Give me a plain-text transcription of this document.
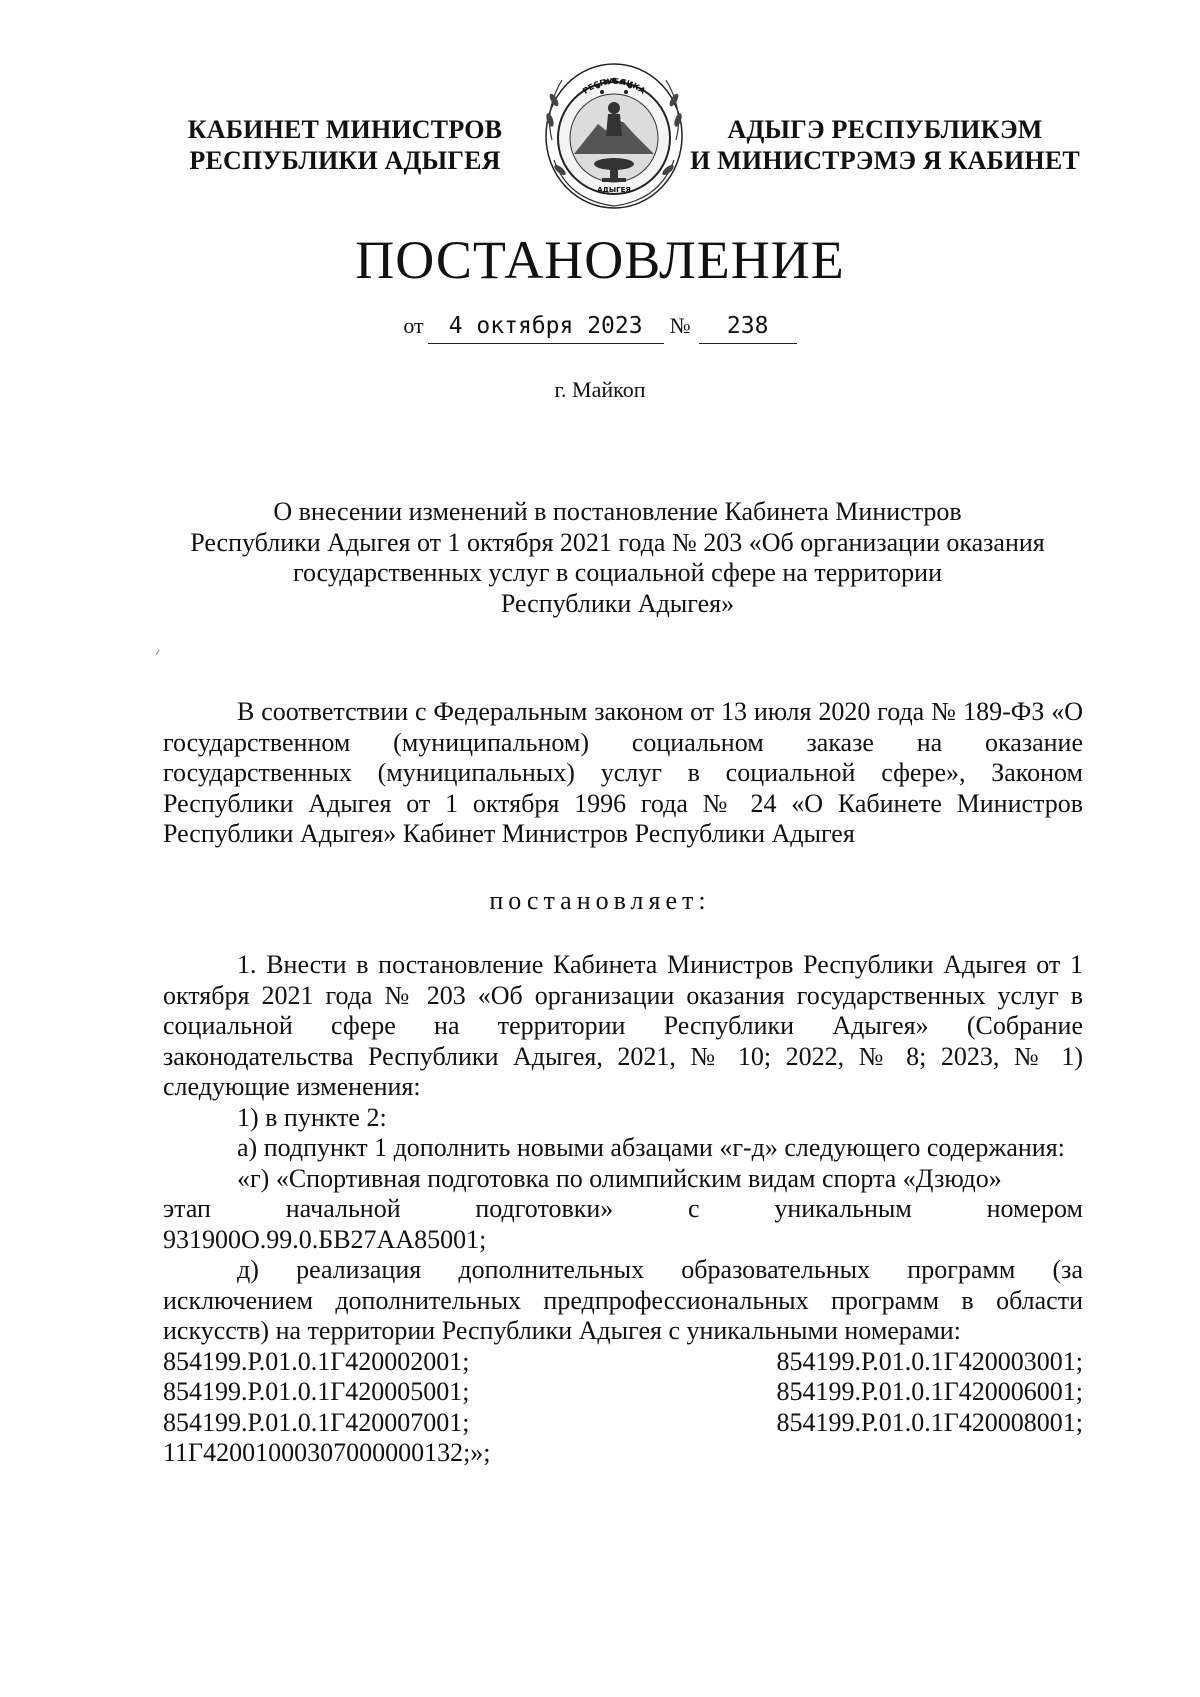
КАБИНЕТ МИНИСТРОВ
РЕСПУБЛИКИ АДЫГЕЯ
РЕСПУБЛИКА
АДЫГЕЯ
АДЫГЭ РЕСПУБЛИКЭМ
И МИНИСТРЭМЭ Я КАБИНЕТ
ПОСТАНОВЛЕНИЕ
от 4 октября 2023 № 238
г. Майкоп
О внесении изменений в постановление Кабинета Министров
Республики Адыгея от 1 октября 2021 года № 203 «Об организации оказания
государственных услуг в социальной сфере на территории
Республики Адыгея»

В соответствии с Федеральным законом от 13 июля 2020 года № 189-ФЗ «О государственном (муниципальном) социальном заказе на оказание государственных (муниципальных) услуг в социальной сфере», Законом Республики Адыгея от 1 октября 1996 года № 24 «О Кабинете Министров Республики Адыгея» Кабинет Министров Республики Адыгея

постановляет:

1. Внести в постановление Кабинета Министров Республики Адыгея от 1 октября 2021 года № 203 «Об организации оказания государственных услуг в социальной сфере на территории Республики Адыгея» (Собрание законодательства Республики Адыгея, 2021, № 10; 2022, № 8; 2023, № 1) следующие изменения:

1) в пункте 2:

а) подпункт 1 дополнить новыми абзацами «г-д» следующего содержания:

«г) «Спортивная подготовка по олимпийским видам спорта «Дзюдо»

этап начальной подготовки» с уникальным номером

931900О.99.0.БВ27АА85001;

д) реализация дополнительных образовательных программ (за исключением дополнительных предпрофессиональных программ в области искусств) на территории Республики Адыгея с уникальными номерами:

854199.Р.01.0.1Г420002001;	854199.Р.01.0.1Г420003001;
854199.Р.01.0.1Г420005001;	854199.Р.01.0.1Г420006001;
854199.Р.01.0.1Г420007001;	854199.Р.01.0.1Г420008001;

11Г42001000307000000132;»;
